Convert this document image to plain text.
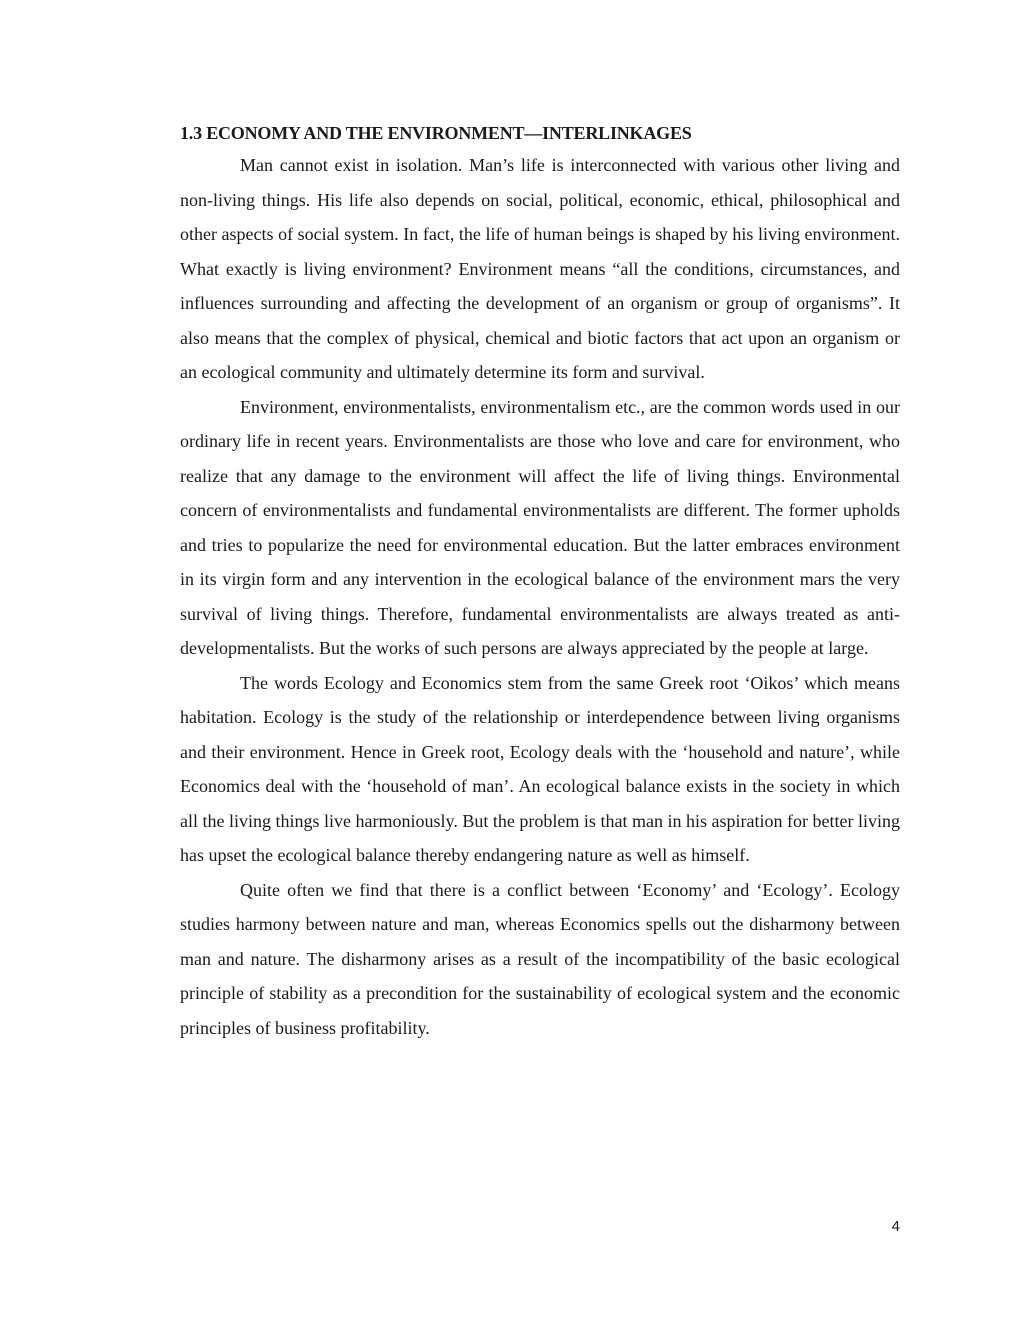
1.3 ECONOMY AND THE ENVIRONMENT—INTERLINKAGES

Man cannot exist in isolation. Man’s life is interconnected with various other living and non-living things. His life also depends on social, political, economic, ethical, philosophical and other aspects of social system. In fact, the life of human beings is shaped by his living environment. What exactly is living environment? Environment means “all the conditions, circumstances, and influences surrounding and affecting the development of an organism or group of organisms”. It also means that the complex of physical, chemical and biotic factors that act upon an organism or an ecological community and ultimately determine its form and survival.

Environment, environmentalists, environmentalism etc., are the common words used in our ordinary life in recent years. Environmentalists are those who love and care for environment, who realize that any damage to the environment will affect the life of living things. Environmental concern of environmentalists and fundamental environmentalists are different. The former upholds and tries to popularize the need for environmental education. But the latter embraces environment in its virgin form and any intervention in the ecological balance of the environment mars the very survival of living things. Therefore, fundamental environmentalists are always treated as anti-developmentalists. But the works of such persons are always appreciated by the people at large.

The words Ecology and Economics stem from the same Greek root ‘Oikos’ which means habitation. Ecology is the study of the relationship or interdependence between living organisms and their environment. Hence in Greek root, Ecology deals with the ‘household and nature’, while Economics deal with the ‘household of man’. An ecological balance exists in the society in which all the living things live harmoniously. But the problem is that man in his aspiration for better living has upset the ecological balance thereby endangering nature as well as himself.

Quite often we find that there is a conflict between ‘Economy’ and ‘Ecology’. Ecology studies harmony between nature and man, whereas Economics spells out the disharmony between man and nature. The disharmony arises as a result of the incompatibility of the basic ecological principle of stability as a precondition for the sustainability of ecological system and the economic principles of business profitability.

4
